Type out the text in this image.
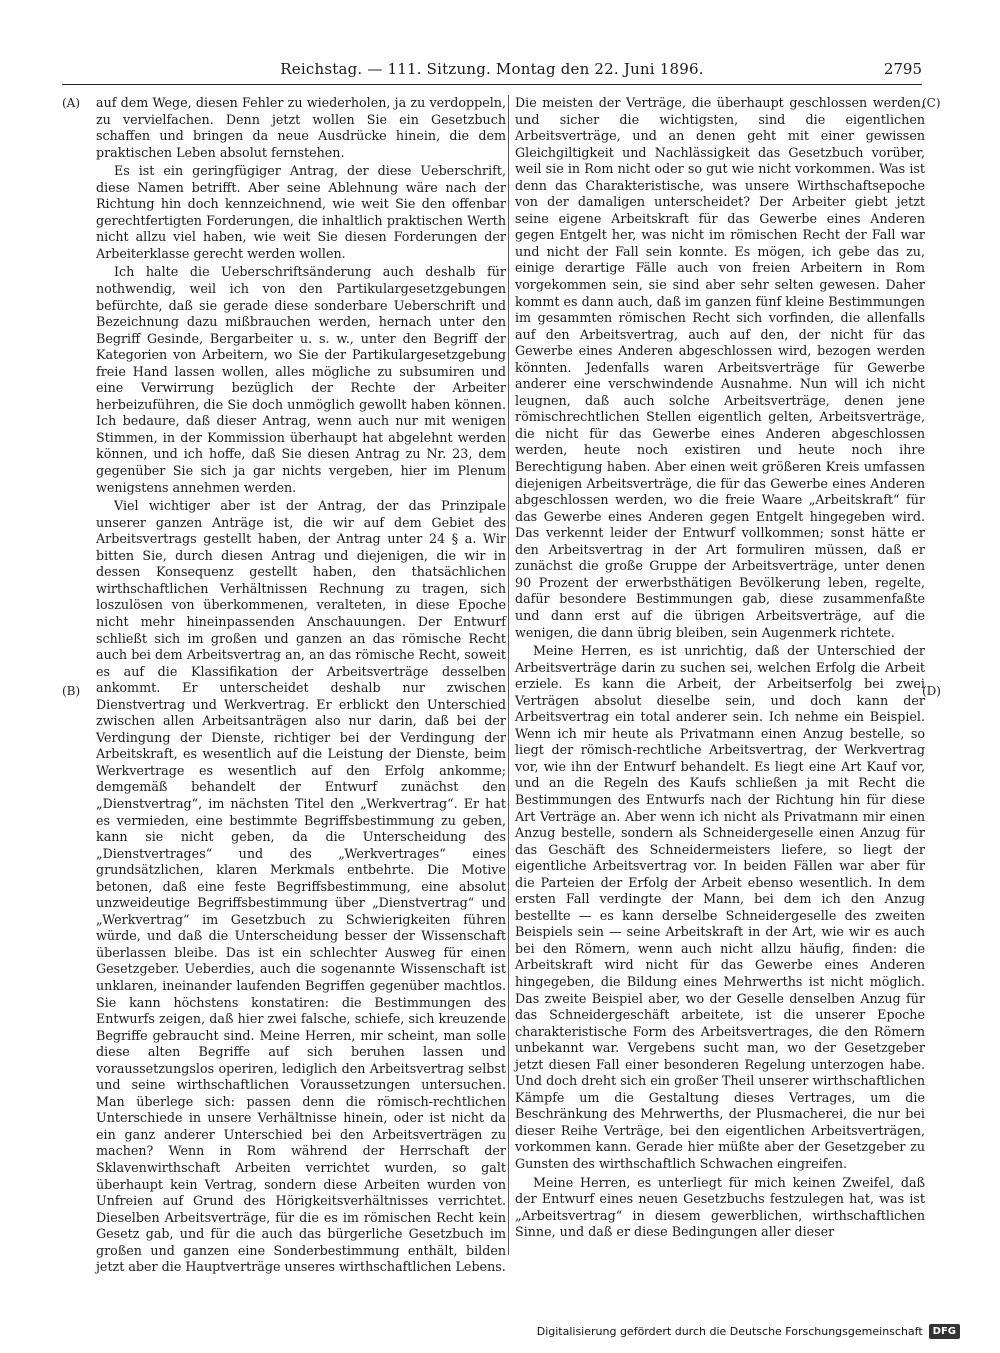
Reichstag. — 111. Sitzung. Montag den 22. Juni 1896.	2795
(A)
(B)
(C)
(D)

auf dem Wege, diesen Fehler zu wiederholen, ja zu verdoppeln, zu vervielfachen. Denn jetzt wollen Sie ein Gesetzbuch schaffen und bringen da neue Ausdrücke hinein, die dem praktischen Leben absolut fernstehen.

Es ist ein geringfügiger Antrag, der diese Ueberschrift, diese Namen betrifft. Aber seine Ablehnung wäre nach der Richtung hin doch kennzeichnend, wie weit Sie den offenbar gerechtfertigten Forderungen, die inhaltlich praktischen Werth nicht allzu viel haben, wie weit Sie diesen Forderungen der Arbeiterklasse gerecht werden wollen.

Ich halte die Ueberschriftsänderung auch deshalb für nothwendig, weil ich von den Partikulargesetzgebungen befürchte, daß sie gerade diese sonderbare Ueberschrift und Bezeichnung dazu mißbrauchen werden, hernach unter den Begriff Gesinde, Bergarbeiter u. s. w., unter den Begriff der Kategorien von Arbeitern, wo Sie der Partikulargesetzgebung freie Hand lassen wollen, alles mögliche zu subsumiren und eine Verwirrung bezüglich der Rechte der Arbeiter herbeizuführen, die Sie doch unmöglich gewollt haben können. Ich bedaure, daß dieser Antrag, wenn auch nur mit wenigen Stimmen, in der Kommission überhaupt hat abgelehnt werden können, und ich hoffe, daß Sie diesen Antrag zu Nr. 23, dem gegenüber Sie sich ja gar nichts vergeben, hier im Plenum wenigstens annehmen werden.

Viel wichtiger aber ist der Antrag, der das Prinzipale unserer ganzen Anträge ist, die wir auf dem Gebiet des Arbeitsvertrags gestellt haben, der Antrag unter 24 § a. Wir bitten Sie, durch diesen Antrag und diejenigen, die wir in dessen Konsequenz gestellt haben, den thatsächlichen wirthschaftlichen Verhältnissen Rechnung zu tragen, sich loszulösen von überkommenen, veralteten, in diese Epoche nicht mehr hineinpassenden Anschauungen. Der Entwurf schließt sich im großen und ganzen an das römische Recht auch bei dem Arbeitsvertrag an, an das römische Recht, soweit es auf die Klassifikation der Arbeitsverträge desselben ankommt. Er unterscheidet deshalb nur zwischen Dienstvertrag und Werkvertrag. Er erblickt den Unterschied zwischen allen Arbeitsanträgen also nur darin, daß bei der Verdingung der Dienste, richtiger bei der Verdingung der Arbeitskraft, es wesentlich auf die Leistung der Dienste, beim Werkvertrage es wesentlich auf den Erfolg ankomme; demgemäß behandelt der Entwurf zunächst den „Dienstvertrag“, im nächsten Titel den „Werkvertrag“. Er hat es vermieden, eine bestimmte Begriffsbestimmung zu geben, kann sie nicht geben, da die Unterscheidung des „Dienstvertrages“ und des „Werkvertrages“ eines grundsätzlichen, klaren Merkmals entbehrte. Die Motive betonen, daß eine feste Begriffsbestimmung, eine absolut unzweideutige Begriffsbestimmung über „Dienstvertrag“ und „Werkvertrag“ im Gesetzbuch zu Schwierigkeiten führen würde, und daß die Unterscheidung besser der Wissenschaft überlassen bleibe. Das ist ein schlechter Ausweg für einen Gesetzgeber. Ueberdies, auch die sogenannte Wissenschaft ist unklaren, ineinander laufenden Begriffen gegenüber machtlos. Sie kann höchstens konstatiren: die Bestimmungen des Entwurfs zeigen, daß hier zwei falsche, schiefe, sich kreuzende Begriffe gebraucht sind. Meine Herren, mir scheint, man solle diese alten Begriffe auf sich beruhen lassen und voraussetzungslos operiren, lediglich den Arbeitsvertrag selbst und seine wirthschaftlichen Voraussetzungen untersuchen. Man überlege sich: passen denn die römisch-rechtlichen Unterschiede in unsere Verhältnisse hinein, oder ist nicht da ein ganz anderer Unterschied bei den Arbeitsverträgen zu machen? Wenn in Rom während der Herrschaft der Sklavenwirthschaft Arbeiten verrichtet wurden, so galt überhaupt kein Vertrag, sondern diese Arbeiten wurden von Unfreien auf Grund des Hörigkeitsverhältnisses verrichtet. Dieselben Arbeitsverträge, für die es im römischen Recht kein Gesetz gab, und für die auch das bürgerliche Gesetzbuch im großen und ganzen eine Sonderbestimmung enthält, bilden jetzt aber die Hauptverträge unseres wirthschaftlichen Lebens.

Die meisten der Verträge, die überhaupt geschlossen werden, und sicher die wichtigsten, sind die eigentlichen Arbeitsverträge, und an denen geht mit einer gewissen Gleichgiltigkeit und Nachlässigkeit das Gesetzbuch vorüber, weil sie in Rom nicht oder so gut wie nicht vorkommen. Was ist denn das Charakteristische, was unsere Wirthschaftsepoche von der damaligen unterscheidet? Der Arbeiter giebt jetzt seine eigene Arbeitskraft für das Gewerbe eines Anderen gegen Entgelt her, was nicht im römischen Recht der Fall war und nicht der Fall sein konnte. Es mögen, ich gebe das zu, einige derartige Fälle auch von freien Arbeitern in Rom vorgekommen sein, sie sind aber sehr selten gewesen. Daher kommt es dann auch, daß im ganzen fünf kleine Bestimmungen im gesammten römischen Recht sich vorfinden, die allenfalls auf den Arbeitsvertrag, auch auf den, der nicht für das Gewerbe eines Anderen abgeschlossen wird, bezogen werden könnten. Jedenfalls waren Arbeitsverträge für Gewerbe anderer eine verschwindende Ausnahme. Nun will ich nicht leugnen, daß auch solche Arbeitsverträge, denen jene römischrechtlichen Stellen eigentlich gelten, Arbeitsverträge, die nicht für das Gewerbe eines Anderen abgeschlossen werden, heute noch existiren und heute noch ihre Berechtigung haben. Aber einen weit größeren Kreis umfassen diejenigen Arbeitsverträge, die für das Gewerbe eines Anderen abgeschlossen werden, wo die freie Waare „Arbeitskraft“ für das Gewerbe eines Anderen gegen Entgelt hingegeben wird. Das verkennt leider der Entwurf vollkommen; sonst hätte er den Arbeitsvertrag in der Art formuliren müssen, daß er zunächst die große Gruppe der Arbeitsverträge, unter denen 90 Prozent der erwerbsthätigen Bevölkerung leben, regelte, dafür besondere Bestimmungen gab, diese zusammenfaßte und dann erst auf die übrigen Arbeitsverträge, auf die wenigen, die dann übrig bleiben, sein Augenmerk richtete.

Meine Herren, es ist unrichtig, daß der Unterschied der Arbeitsverträge darin zu suchen sei, welchen Erfolg die Arbeit erziele. Es kann die Arbeit, der Arbeitserfolg bei zwei Verträgen absolut dieselbe sein, und doch kann der Arbeitsvertrag ein total anderer sein. Ich nehme ein Beispiel. Wenn ich mir heute als Privatmann einen Anzug bestelle, so liegt der römisch-rechtliche Arbeitsvertrag, der Werkvertrag vor, wie ihn der Entwurf behandelt. Es liegt eine Art Kauf vor, und an die Regeln des Kaufs schließen ja mit Recht die Bestimmungen des Entwurfs nach der Richtung hin für diese Art Verträge an. Aber wenn ich nicht als Privatmann mir einen Anzug bestelle, sondern als Schneidergeselle einen Anzug für das Geschäft des Schneidermeisters liefere, so liegt der eigentliche Arbeitsvertrag vor. In beiden Fällen war aber für die Parteien der Erfolg der Arbeit ebenso wesentlich. In dem ersten Fall verdingte der Mann, bei dem ich den Anzug bestellte — es kann derselbe Schneidergeselle des zweiten Beispiels sein — seine Arbeitskraft in der Art, wie wir es auch bei den Römern, wenn auch nicht allzu häufig, finden: die Arbeitskraft wird nicht für das Gewerbe eines Anderen hingegeben, die Bildung eines Mehrwerths ist nicht möglich. Das zweite Beispiel aber, wo der Geselle denselben Anzug für das Schneidergeschäft arbeitete, ist die unserer Epoche charakteristische Form des Arbeitsvertrages, die den Römern unbekannt war. Vergebens sucht man, wo der Gesetzgeber jetzt diesen Fall einer besonderen Regelung unterzogen habe. Und doch dreht sich ein großer Theil unserer wirthschaftlichen Kämpfe um die Gestaltung dieses Vertrages, um die Beschränkung des Mehrwerths, der Plusmacherei, die nur bei dieser Reihe Verträge, bei den eigentlichen Arbeitsverträgen, vorkommen kann. Gerade hier müßte aber der Gesetzgeber zu Gunsten des wirthschaftlich Schwachen eingreifen.

Meine Herren, es unterliegt für mich keinen Zweifel, daß der Entwurf eines neuen Gesetzbuchs festzulegen hat, was ist „Arbeitsvertrag“ in diesem gewerblichen, wirthschaftlichen Sinne, und daß er diese Bedingungen aller dieser

Digitalisierung gefördert durch die Deutsche Forschungsgemeinschaft	DFG
